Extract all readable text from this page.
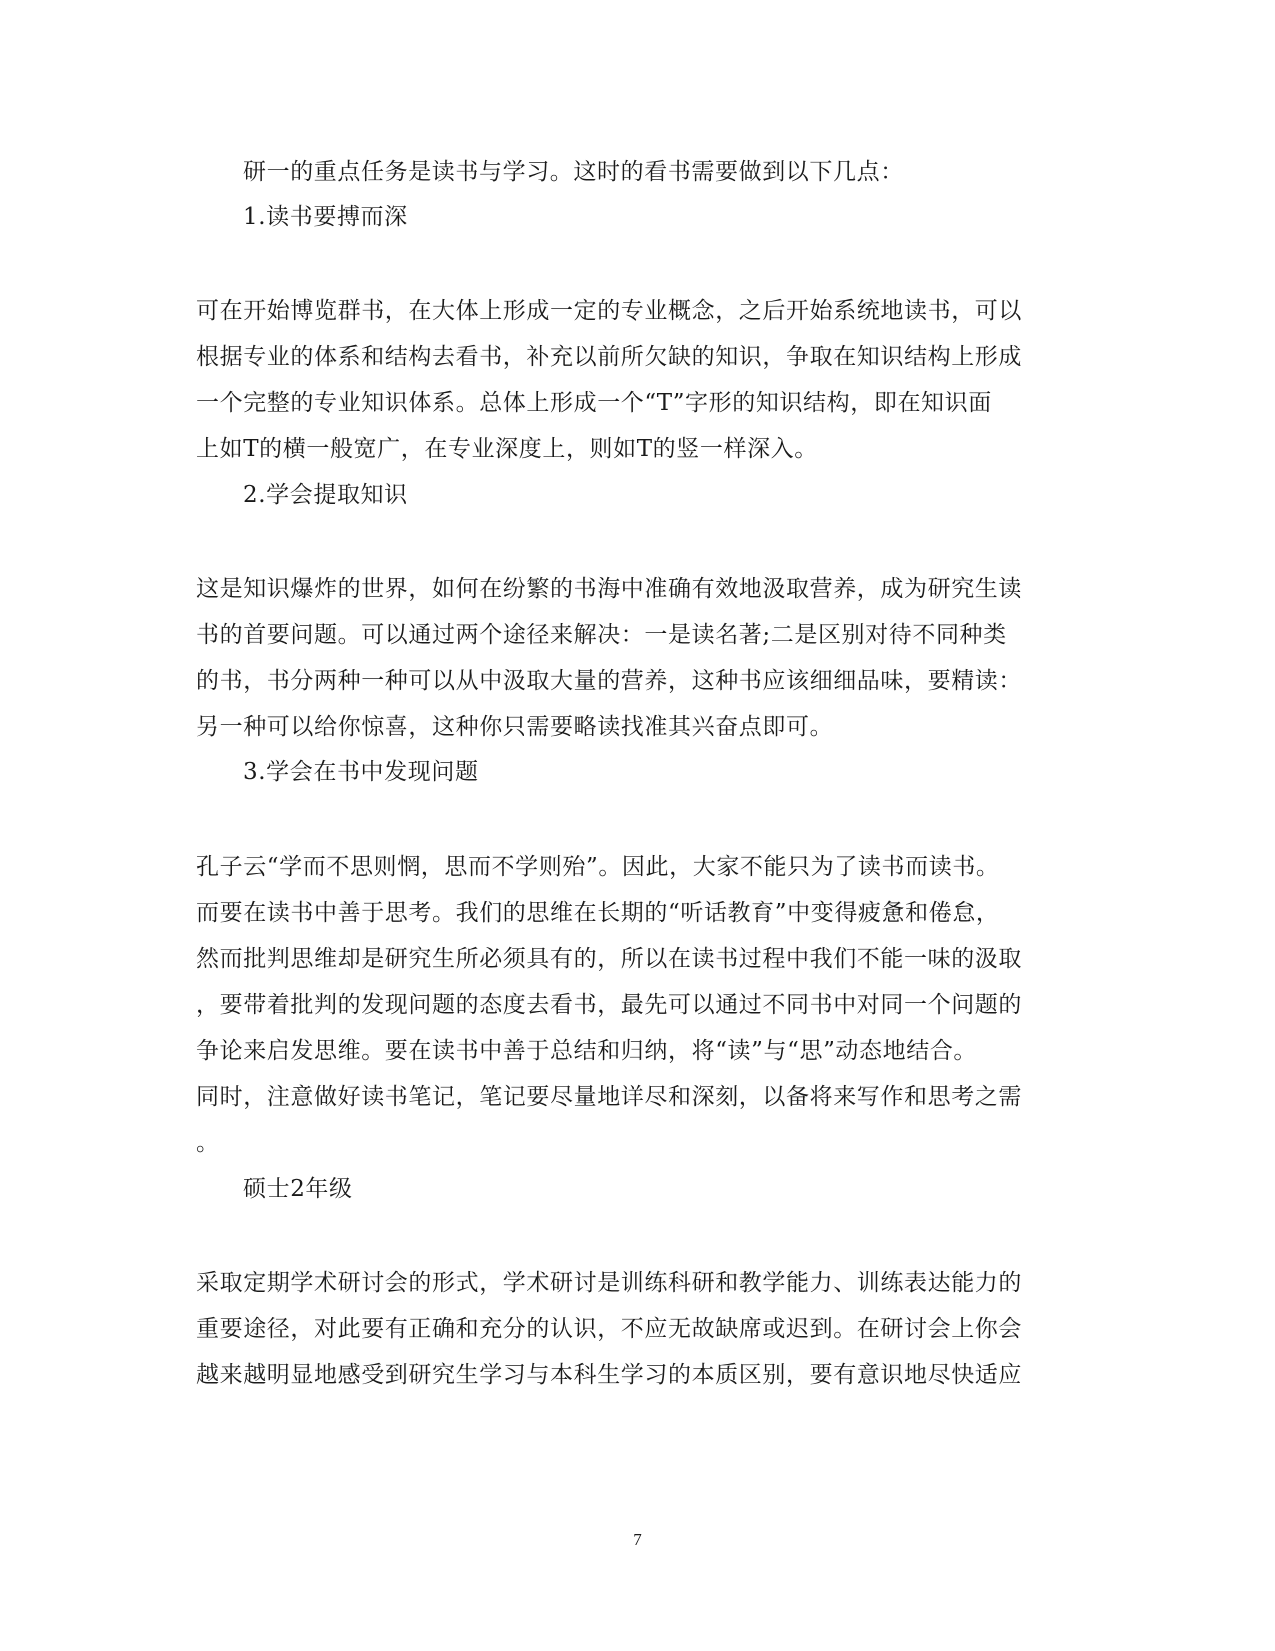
研一的重点任务是读书与学习。这时的看书需要做到以下几点：
1.读书要搏而深
可在开始博览群书，在大体上形成一定的专业概念，之后开始系统地读书，可以
根据专业的体系和结构去看书，补充以前所欠缺的知识，争取在知识结构上形成
一个完整的专业知识体系。总体上形成一个“T”字形的知识结构，即在知识面
上如T的横一般宽广，在专业深度上，则如T的竖一样深入。
2.学会提取知识
这是知识爆炸的世界，如何在纷繁的书海中准确有效地汲取营养，成为研究生读
书的首要问题。可以通过两个途径来解决：一是读名著;二是区别对待不同种类
的书，书分两种一种可以从中汲取大量的营养，这种书应该细细品味，要精读：
另一种可以给你惊喜，这种你只需要略读找准其兴奋点即可。
3.学会在书中发现问题
孔子云“学而不思则惘，思而不学则殆”。因此，大家不能只为了读书而读书。
而要在读书中善于思考。我们的思维在长期的“听话教育”中变得疲惫和倦怠，
然而批判思维却是研究生所必须具有的，所以在读书过程中我们不能一味的汲取
，要带着批判的发现问题的态度去看书，最先可以通过不同书中对同一个问题的
争论来启发思维。要在读书中善于总结和归纳，将“读”与“思”动态地结合。
同时，注意做好读书笔记，笔记要尽量地详尽和深刻，以备将来写作和思考之需
。
硕士2年级
采取定期学术研讨会的形式，学术研讨是训练科研和教学能力、训练表达能力的
重要途径，对此要有正确和充分的认识，不应无故缺席或迟到。在研讨会上你会
越来越明显地感受到研究生学习与本科生学习的本质区别，要有意识地尽快适应
7
